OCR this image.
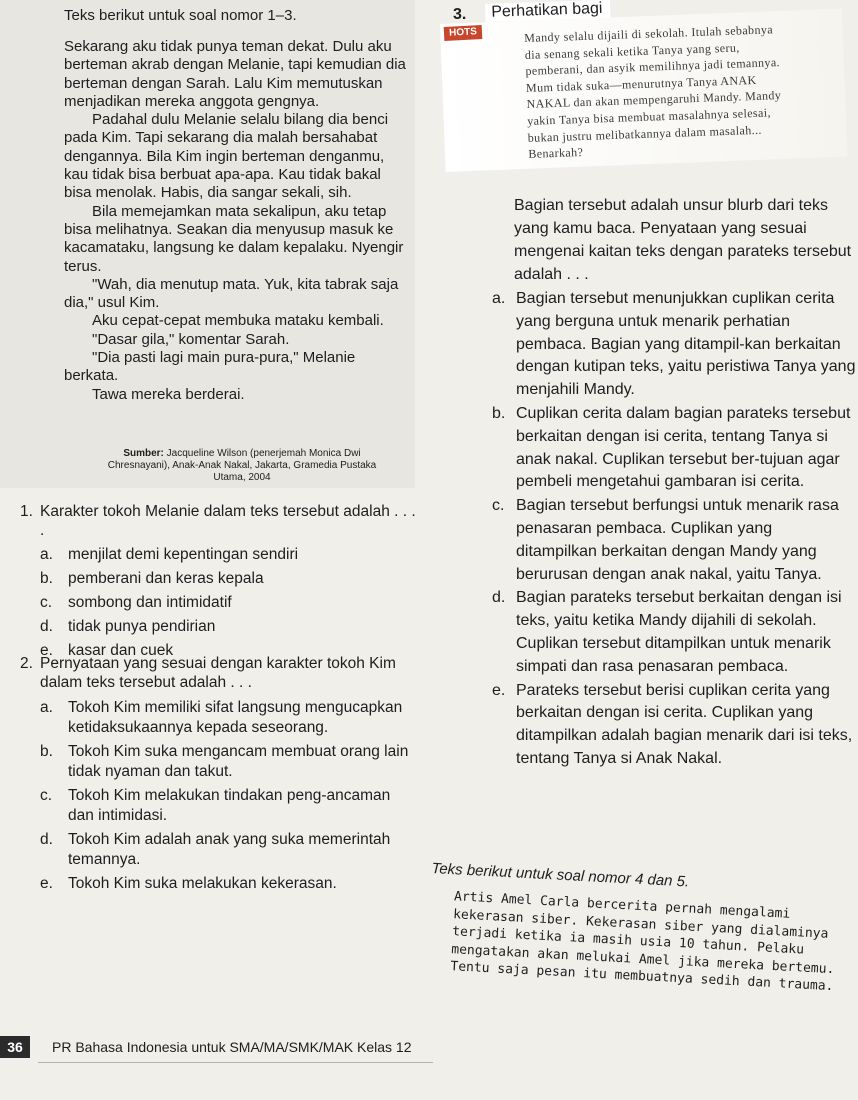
Teks berikut untuk soal nomor 1–3.

Sekarang aku tidak punya teman dekat. Dulu aku berteman akrab dengan Melanie, tapi kemudian dia berteman dengan Sarah. Lalu Kim memutuskan menjadikan mereka anggota gengnya.

Padahal dulu Melanie selalu bilang dia benci pada Kim. Tapi sekarang dia malah bersahabat dengannya. Bila Kim ingin berteman denganmu, kau tidak bisa berbuat apa-apa. Kau tidak bakal bisa menolak. Habis, dia sangar sekali, sih.

Bila memejamkan mata sekalipun, aku tetap bisa melihatnya. Seakan dia menyusup masuk ke kacamataku, langsung ke dalam kepalaku. Nyengir terus.

"Wah, dia menutup mata. Yuk, kita tabrak saja dia," usul Kim.

Aku cepat-cepat membuka mataku kembali.

"Dasar gila," komentar Sarah.

"Dia pasti lagi main pura-pura," Melanie berkata.

Tawa mereka berderai.

Sumber: Jacqueline Wilson (penerjemah Monica Dwi Chresnayani), Anak-Anak Nakal, Jakarta, Gramedia Pustaka Utama, 2004
1. Karakter tokoh Melanie dalam teks tersebut adalah . . . .
a. menjilat demi kepentingan sendiri
b. pemberani dan keras kepala
c. sombong dan intimidatif
d. tidak punya pendirian
e. kasar dan cuek
2. Pernyataan yang sesuai dengan karakter tokoh Kim dalam teks tersebut adalah . . .
a. Tokoh Kim memiliki sifat langsung mengucapkan ketidaksukaannya kepada seseorang.
b. Tokoh Kim suka mengancam membuat orang lain tidak nyaman dan takut.
c. Tokoh Kim melakukan tindakan peng-ancaman dan intimidasi.
d. Tokoh Kim adalah anak yang suka memerintah temannya.
e. Tokoh Kim suka melakukan kekerasan.
3.	Perhatikan bagi
HOTS	Mandy selalu dijaili di sekolah. Itulah sebabnya
dia senang sekali ketika Tanya yang seru,
pemberani, dan asyik memilihnya jadi temannya.
Mum tidak suka—menurutnya Tanya ANAK
NAKAL dan akan mempengaruhi Mandy. Mandy
yakin Tanya bisa membuat masalahnya selesai,
bukan justru melibatkannya dalam masalah...
Benarkah?

Bagian tersebut adalah unsur blurb dari teks yang kamu baca. Penyataan yang sesuai mengenai kaitan teks dengan parateks tersebut adalah . . .

a. Bagian tersebut menunjukkan cuplikan cerita yang berguna untuk menarik perhatian pembaca. Bagian yang ditampil-kan berkaitan dengan kutipan teks, yaitu peristiwa Tanya yang menjahili Mandy.
b. Cuplikan cerita dalam bagian parateks tersebut berkaitan dengan isi cerita, tentang Tanya si anak nakal. Cuplikan tersebut ber-tujuan agar pembeli mengetahui gambaran isi cerita.
c. Bagian tersebut berfungsi untuk menarik rasa penasaran pembaca. Cuplikan yang ditampilkan berkaitan dengan Mandy yang berurusan dengan anak nakal, yaitu Tanya.
d. Bagian parateks tersebut berkaitan dengan isi teks, yaitu ketika Mandy dijahili di sekolah. Cuplikan tersebut ditampilkan untuk menarik simpati dan rasa penasaran pembaca.
e. Parateks tersebut berisi cuplikan cerita yang berkaitan dengan isi cerita. Cuplikan yang ditampilkan adalah bagian menarik dari isi teks, tentang Tanya si Anak Nakal.
Teks berikut untuk soal nomor 4 dan 5.
Artis Amel Carla bercerita pernah mengalami kekerasan siber. Kekerasan siber yang dialaminya terjadi ketika ia masih usia 10 tahun. Pelaku mengatakan akan melukai Amel jika mereka bertemu. Tentu saja pesan itu membuatnya sedih dan trauma.
36	PR Bahasa Indonesia untuk SMA/MA/SMK/MAK Kelas 12
